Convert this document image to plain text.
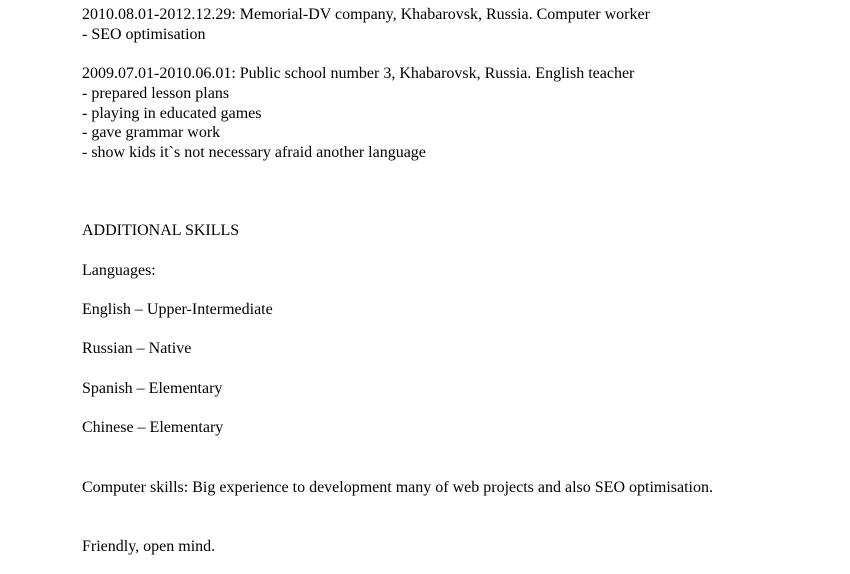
2010.08.01-2012.12.29: Memorial-DV company, Khabarovsk, Russia. Computer worker
- SEO optimisation
2009.07.01-2010.06.01: Public school number 3, Khabarovsk, Russia. English teacher
- prepared lesson plans
- playing in educated games
- gave grammar work
- show kids it`s not necessary afraid another language
ADDITIONAL SKILLS
Languages:
English – Upper-Intermediate
Russian – Native
Spanish – Elementary
Chinese – Elementary
Computer skills: Big experience to development many of web projects and also SEO optimisation.
Friendly, open mind.
